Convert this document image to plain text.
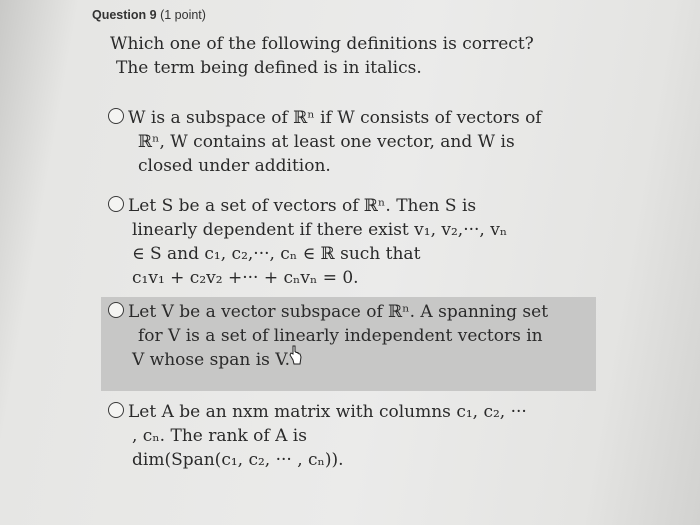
Question 9 (1 point)
Which one of the following definitions is correct?
The term being defined is in italics.
W is a subspace of ℝⁿ if W consists of vectors of
ℝⁿ, W contains at least one vector, and W is
closed under addition.
Let S be a set of vectors of ℝⁿ. Then S is
linearly dependent if there exist v₁, v₂,···, vₙ
∈ S and c₁, c₂,···, cₙ ∈ ℝ such that
c₁v₁ + c₂v₂ +··· + cₙvₙ = 0.
Let V be a vector subspace of ℝⁿ. A spanning set
for V is a set of linearly independent vectors in
V whose span is V.
Let A be an nxm matrix with columns c₁, c₂, ···
, cₙ. The rank of A is
dim(Span(c₁, c₂, ··· , cₙ)).
